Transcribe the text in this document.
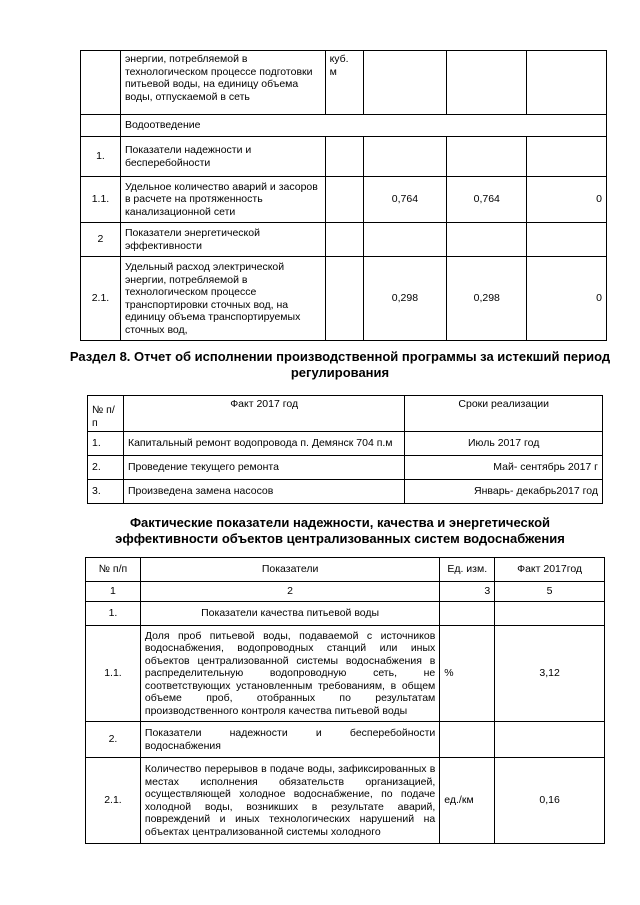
	энергии, потребляемой в технологическом процессе подготовки питьевой воды, на единицу объема воды, отпускаемой в сеть	куб. м			
	Водоотведение				
1.	Показатели надежности и бесперебойности				
1.1.	Удельное количество аварий и засоров в расчете на протяженность канализационной сети		0,764	0,764	0
2	Показатели энергетической эффективности				
2.1.	Удельный расход электрической энергии, потребляемой в технологическом процессе транспортировки сточных вод, на единицу объема транспортируемых сточных вод,		0,298	0,298	0
Раздел 8. Отчет об исполнении производственной программы за истекший период регулирования
№ п/п	Факт 2017 год	Сроки реализации
1.	Капитальный ремонт водопровода п. Демянск 704 п.м	Июль 2017 год
2.	Проведение текущего ремонта	Май- сентябрь 2017 г
3.	Произведена замена насосов	Январь- декабрь2017 год
Фактические показатели надежности, качества и энергетической эффективности объектов централизованных систем водоснабжения
№ п/п	Показатели	Ед. изм.	Факт 2017год
1	2	3	5
1.	Показатели качества питьевой воды		
1.1.	Доля проб питьевой воды, подаваемой с источников водоснабжения, водопроводных станций или иных объектов централизованной системы водоснабжения в распределительную водопроводную сеть, не соответствующих установленным требованиям, в общем объеме проб, отобранных по результатам производственного контроля качества питьевой воды	%	3,12
2.	Показатели надежности и бесперебойности водоснабжения		
2.1.	Количество перерывов в подаче воды, зафиксированных в местах исполнения обязательств организацией, осуществляющей холодное водоснабжение, по подаче холодной воды, возникших в результате аварий, повреждений и иных технологических нарушений на объектах централизованной системы холодного	ед./км	0,16
